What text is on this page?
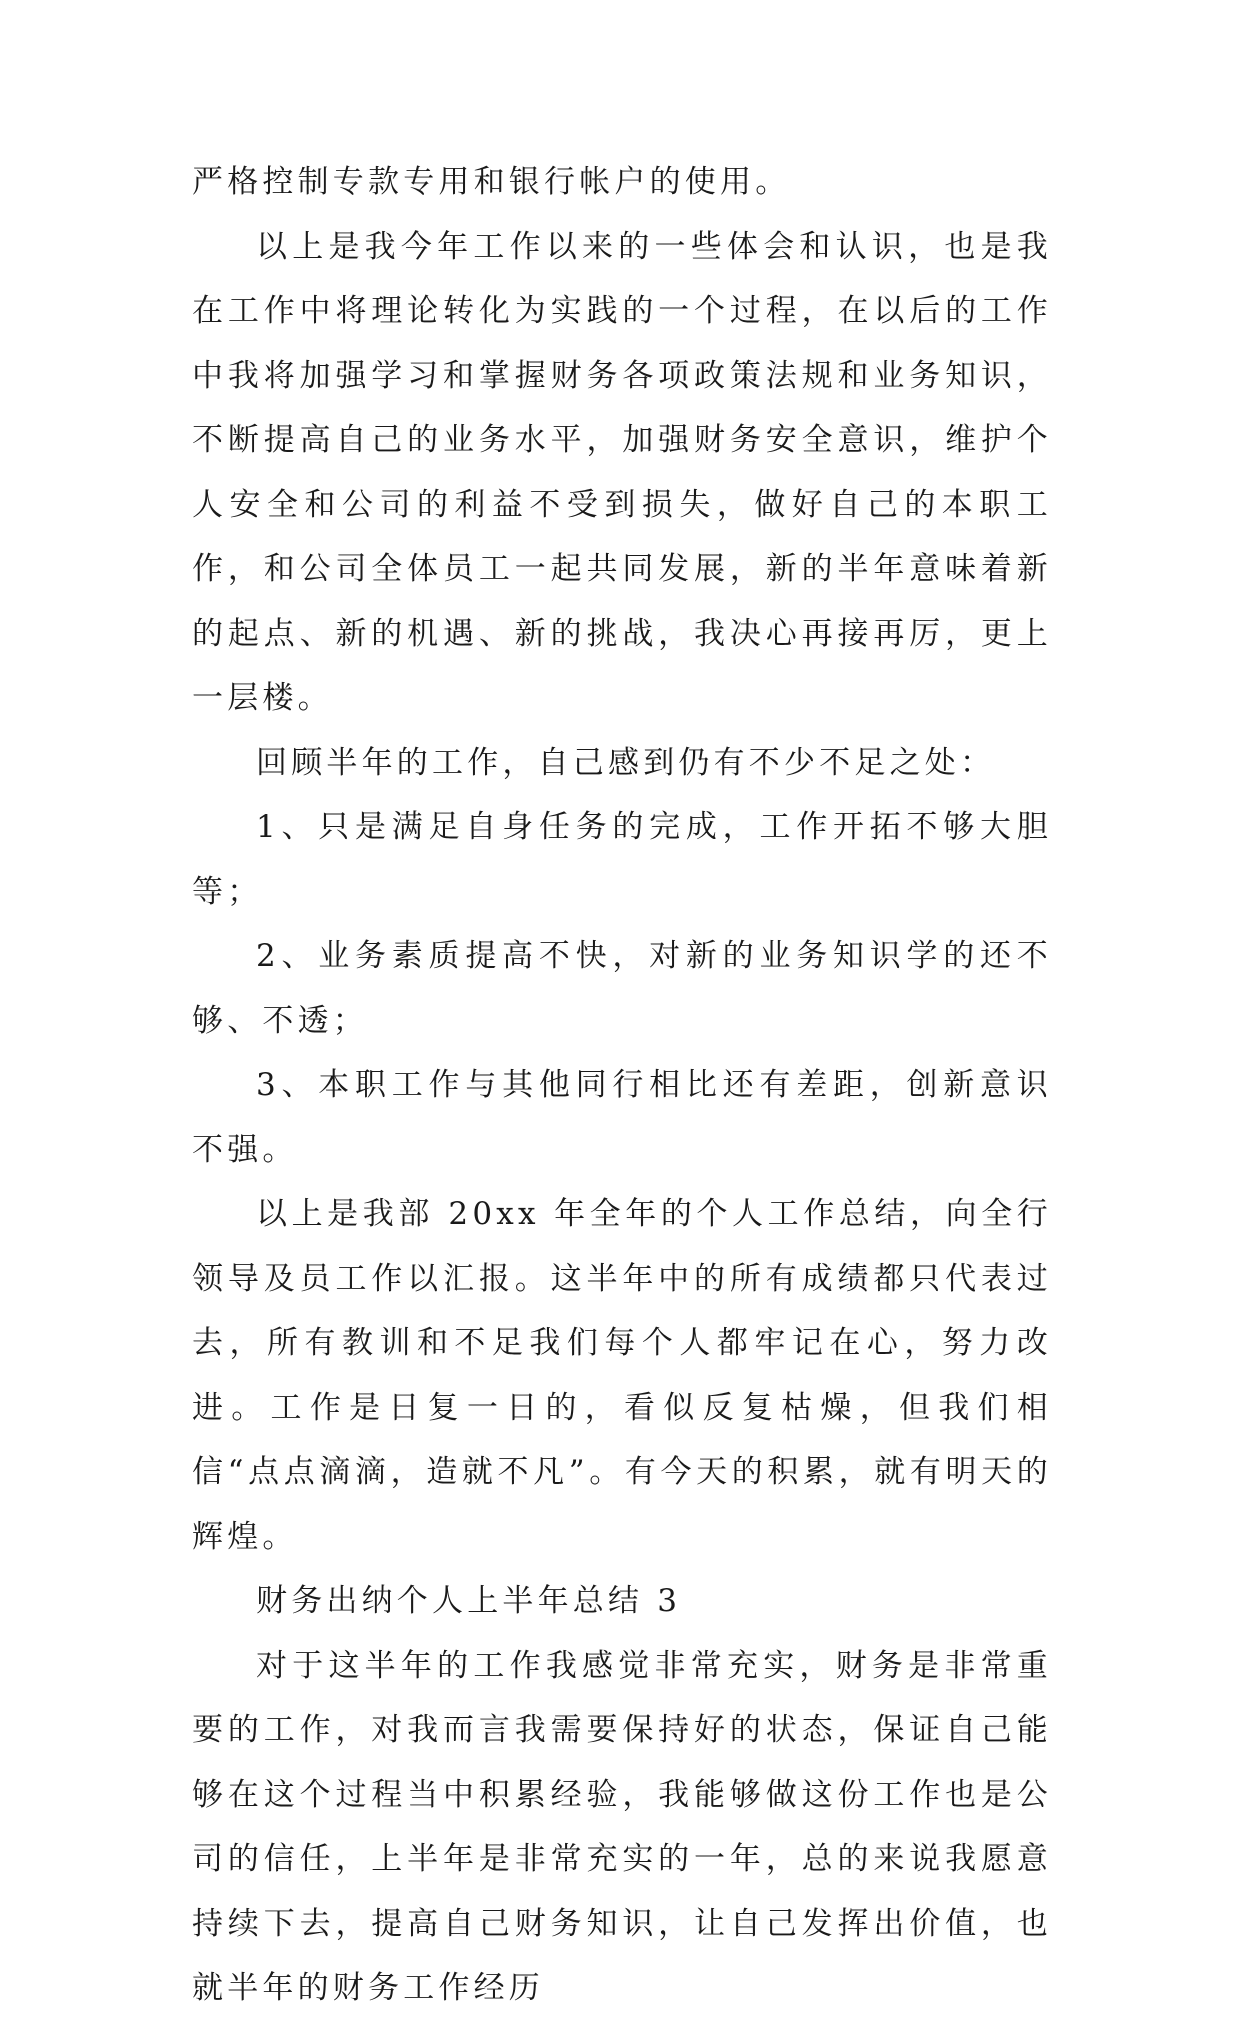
严格控制专款专用和银行帐户的使用。

以上是我今年工作以来的一些体会和认识，也是我在工作中将理论转化为实践的一个过程，在以后的工作中我将加强学习和掌握财务各项政策法规和业务知识，不断提高自己的业务水平，加强财务安全意识，维护个人安全和公司的利益不受到损失，做好自己的本职工作，和公司全体员工一起共同发展，新的半年意味着新的起点、新的机遇、新的挑战，我决心再接再厉，更上一层楼。

回顾半年的工作，自己感到仍有不少不足之处：

1、只是满足自身任务的完成，工作开拓不够大胆等；

2、业务素质提高不快，对新的业务知识学的还不够、不透；

3、本职工作与其他同行相比还有差距，创新意识不强。

以上是我部 20xx 年全年的个人工作总结，向全行领导及员工作以汇报。这半年中的所有成绩都只代表过去，所有教训和不足我们每个人都牢记在心，努力改进。工作是日复一日的，看似反复枯燥，但我们相信“点点滴滴，造就不凡”。有今天的积累，就有明天的辉煌。

财务出纳个人上半年总结 3

对于这半年的工作我感觉非常充实，财务是非常重要的工作，对我而言我需要保持好的状态，保证自己能够在这个过程当中积累经验，我能够做这份工作也是公司的信任，上半年是非常充实的一年，总的来说我愿意持续下去，提高自己财务知识，让自己发挥出价值，也就半年的财务工作经历
